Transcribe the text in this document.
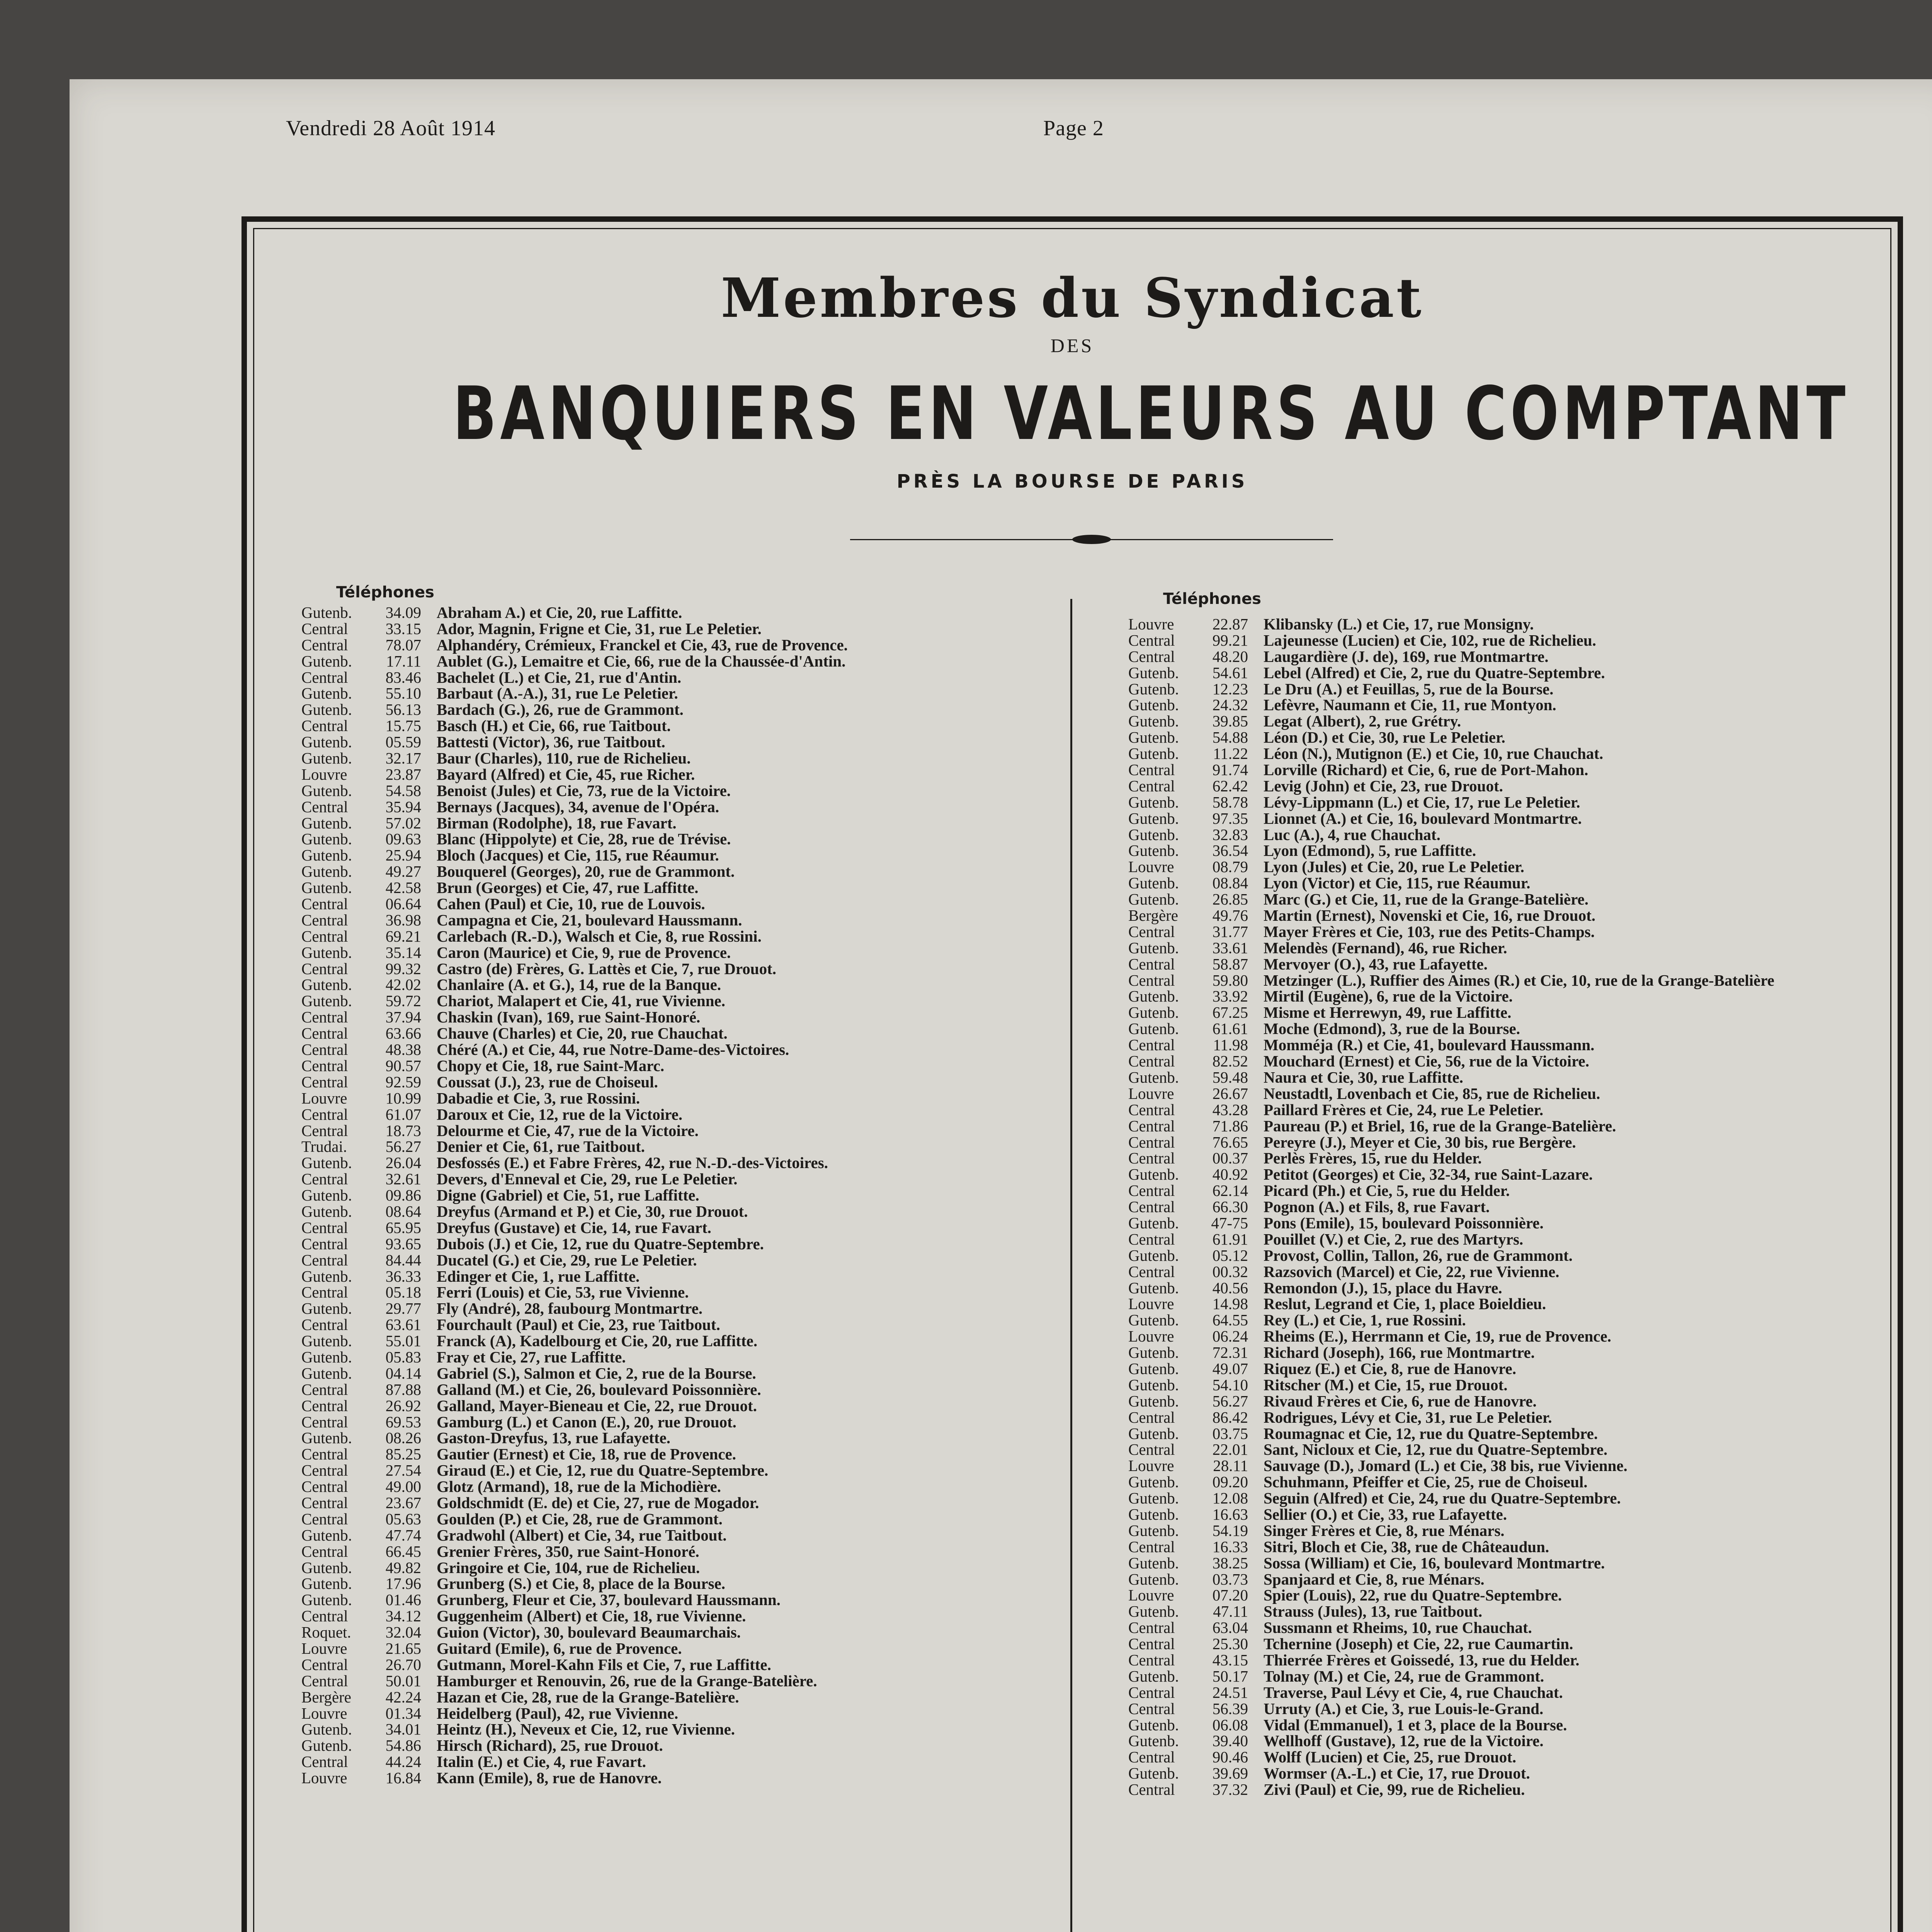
Vendredi 28 Août 1914	Page 2
Membres du Syndicat
DES
BANQUIERS EN VALEURS AU COMPTANT
PRÈS LA BOURSE DE PARIS
Téléphones	Téléphones
Gutenb.	34.09 Abraham A.) et Cie, 20, rue Laffitte.
Central	33.15 Ador, Magnin, Frigne et Cie, 31, rue Le Peletier.
Central	78.07 Alphandéry, Crémieux, Franckel et Cie, 43, rue de Provence.
Gutenb.	17.11 Aublet (G.), Lemaitre et Cie, 66, rue de la Chaussée-d'Antin.
Central	83.46 Bachelet (L.) et Cie, 21, rue d'Antin.
Gutenb.	55.10 Barbaut (A.-A.), 31, rue Le Peletier.
Gutenb.	56.13 Bardach (G.), 26, rue de Grammont.
Central	15.75 Basch (H.) et Cie, 66, rue Taitbout.
Gutenb.	05.59 Battesti (Victor), 36, rue Taitbout.
Gutenb.	32.17 Baur (Charles), 110, rue de Richelieu.
Louvre	23.87 Bayard (Alfred) et Cie, 45, rue Richer.
Gutenb.	54.58 Benoist (Jules) et Cie, 73, rue de la Victoire.
Central	35.94 Bernays (Jacques), 34, avenue de l'Opéra.
Gutenb.	57.02 Birman (Rodolphe), 18, rue Favart.
Gutenb.	09.63 Blanc (Hippolyte) et Cie, 28, rue de Trévise.
Gutenb.	25.94 Bloch (Jacques) et Cie, 115, rue Réaumur.
Gutenb.	49.27 Bouquerel (Georges), 20, rue de Grammont.
Gutenb.	42.58 Brun (Georges) et Cie, 47, rue Laffitte.
Central	06.64 Cahen (Paul) et Cie, 10, rue de Louvois.
Central	36.98 Campagna et Cie, 21, boulevard Haussmann.
Central	69.21 Carlebach (R.-D.), Walsch et Cie, 8, rue Rossini.
Gutenb.	35.14 Caron (Maurice) et Cie, 9, rue de Provence.
Central	99.32 Castro (de) Frères, G. Lattès et Cie, 7, rue Drouot.
Gutenb.	42.02 Chanlaire (A. et G.), 14, rue de la Banque.
Gutenb.	59.72 Chariot, Malapert et Cie, 41, rue Vivienne.
Central	37.94 Chaskin (Ivan), 169, rue Saint-Honoré.
Central	63.66 Chauve (Charles) et Cie, 20, rue Chauchat.
Central	48.38 Chéré (A.) et Cie, 44, rue Notre-Dame-des-Victoires.
Central	90.57 Chopy et Cie, 18, rue Saint-Marc.
Central	92.59 Coussat (J.), 23, rue de Choiseul.
Louvre	10.99 Dabadie et Cie, 3, rue Rossini.
Central	61.07 Daroux et Cie, 12, rue de la Victoire.
Central	18.73 Delourme et Cie, 47, rue de la Victoire.
Trudai.	56.27 Denier et Cie, 61, rue Taitbout.
Gutenb.	26.04 Desfossés (E.) et Fabre Frères, 42, rue N.-D.-des-Victoires.
Central	32.61 Devers, d'Enneval et Cie, 29, rue Le Peletier.
Gutenb.	09.86 Digne (Gabriel) et Cie, 51, rue Laffitte.
Gutenb.	08.64 Dreyfus (Armand et P.) et Cie, 30, rue Drouot.
Central	65.95 Dreyfus (Gustave) et Cie, 14, rue Favart.
Central	93.65 Dubois (J.) et Cie, 12, rue du Quatre-Septembre.
Central	84.44 Ducatel (G.) et Cie, 29, rue Le Peletier.
Gutenb.	36.33 Edinger et Cie, 1, rue Laffitte.
Central	05.18 Ferri (Louis) et Cie, 53, rue Vivienne.
Gutenb.	29.77 Fly (André), 28, faubourg Montmartre.
Central	63.61 Fourchault (Paul) et Cie, 23, rue Taitbout.
Gutenb.	55.01 Franck (A), Kadelbourg et Cie, 20, rue Laffitte.
Gutenb.	05.83 Fray et Cie, 27, rue Laffitte.
Gutenb.	04.14 Gabriel (S.), Salmon et Cie, 2, rue de la Bourse.
Central	87.88 Galland (M.) et Cie, 26, boulevard Poissonnière.
Central	26.92 Galland, Mayer-Bieneau et Cie, 22, rue Drouot.
Central	69.53 Gamburg (L.) et Canon (E.), 20, rue Drouot.
Gutenb.	08.26 Gaston-Dreyfus, 13, rue Lafayette.
Central	85.25 Gautier (Ernest) et Cie, 18, rue de Provence.
Central	27.54 Giraud (E.) et Cie, 12, rue du Quatre-Septembre.
Central	49.00 Glotz (Armand), 18, rue de la Michodière.
Central	23.67 Goldschmidt (E. de) et Cie, 27, rue de Mogador.
Central	05.63 Goulden (P.) et Cie, 28, rue de Grammont.
Gutenb.	47.74 Gradwohl (Albert) et Cie, 34, rue Taitbout.
Central	66.45 Grenier Frères, 350, rue Saint-Honoré.
Gutenb.	49.82 Gringoire et Cie, 104, rue de Richelieu.
Gutenb.	17.96 Grunberg (S.) et Cie, 8, place de la Bourse.
Gutenb.	01.46 Grunberg, Fleur et Cie, 37, boulevard Haussmann.
Central	34.12 Guggenheim (Albert) et Cie, 18, rue Vivienne.
Roquet.	32.04 Guion (Victor), 30, boulevard Beaumarchais.
Louvre	21.65 Guitard (Emile), 6, rue de Provence.
Central	26.70 Gutmann, Morel-Kahn Fils et Cie, 7, rue Laffitte.
Central	50.01 Hamburger et Renouvin, 26, rue de la Grange-Batelière.
Bergère	42.24 Hazan et Cie, 28, rue de la Grange-Batelière.
Louvre	01.34 Heidelberg (Paul), 42, rue Vivienne.
Gutenb.	34.01 Heintz (H.), Neveux et Cie, 12, rue Vivienne.
Gutenb.	54.86 Hirsch (Richard), 25, rue Drouot.
Central	44.24 Italin (E.) et Cie, 4, rue Favart.
Louvre	16.84 Kann (Emile), 8, rue de Hanovre.
Louvre	22.87 Klibansky (L.) et Cie, 17, rue Monsigny.
Central	99.21 Lajeunesse (Lucien) et Cie, 102, rue de Richelieu.
Central	48.20 Laugardière (J. de), 169, rue Montmartre.
Gutenb.	54.61 Lebel (Alfred) et Cie, 2, rue du Quatre-Septembre.
Gutenb.	12.23 Le Dru (A.) et Feuillas, 5, rue de la Bourse.
Gutenb.	24.32 Lefèvre, Naumann et Cie, 11, rue Montyon.
Gutenb.	39.85 Legat (Albert), 2, rue Grétry.
Gutenb.	54.88 Léon (D.) et Cie, 30, rue Le Peletier.
Gutenb.	11.22 Léon (N.), Mutignon (E.) et Cie, 10, rue Chauchat.
Central	91.74 Lorville (Richard) et Cie, 6, rue de Port-Mahon.
Central	62.42 Levig (John) et Cie, 23, rue Drouot.
Gutenb.	58.78 Lévy-Lippmann (L.) et Cie, 17, rue Le Peletier.
Gutenb.	97.35 Lionnet (A.) et Cie, 16, boulevard Montmartre.
Gutenb.	32.83 Luc (A.), 4, rue Chauchat.
Gutenb.	36.54 Lyon (Edmond), 5, rue Laffitte.
Louvre	08.79 Lyon (Jules) et Cie, 20, rue Le Peletier.
Gutenb.	08.84 Lyon (Victor) et Cie, 115, rue Réaumur.
Gutenb.	26.85 Marc (G.) et Cie, 11, rue de la Grange-Batelière.
Bergère	49.76 Martin (Ernest), Novenski et Cie, 16, rue Drouot.
Central	31.77 Mayer Frères et Cie, 103, rue des Petits-Champs.
Gutenb.	33.61 Melendès (Fernand), 46, rue Richer.
Central	58.87 Mervoyer (O.), 43, rue Lafayette.
Central	59.80 Metzinger (L.), Ruffier des Aimes (R.) et Cie, 10, rue de la Grange-Batelière
Gutenb.	33.92 Mirtil (Eugène), 6, rue de la Victoire.
Gutenb.	67.25 Misme et Herrewyn, 49, rue Laffitte.
Gutenb.	61.61 Moche (Edmond), 3, rue de la Bourse.
Central	11.98 Momméja (R.) et Cie, 41, boulevard Haussmann.
Central	82.52 Mouchard (Ernest) et Cie, 56, rue de la Victoire.
Gutenb.	59.48 Naura et Cie, 30, rue Laffitte.
Louvre	26.67 Neustadtl, Lovenbach et Cie, 85, rue de Richelieu.
Central	43.28 Paillard Frères et Cie, 24, rue Le Peletier.
Central	71.86 Paureau (P.) et Briel, 16, rue de la Grange-Batelière.
Central	76.65 Pereyre (J.), Meyer et Cie, 30 bis, rue Bergère.
Central	00.37 Perlès Frères, 15, rue du Helder.
Gutenb.	40.92 Petitot (Georges) et Cie, 32-34, rue Saint-Lazare.
Central	62.14 Picard (Ph.) et Cie, 5, rue du Helder.
Central	66.30 Pognon (A.) et Fils, 8, rue Favart.
Gutenb.	47-75 Pons (Emile), 15, boulevard Poissonnière.
Central	61.91 Pouillet (V.) et Cie, 2, rue des Martyrs.
Gutenb.	05.12 Provost, Collin, Tallon, 26, rue de Grammont.
Central	00.32 Razsovich (Marcel) et Cie, 22, rue Vivienne.
Gutenb.	40.56 Remondon (J.), 15, place du Havre.
Louvre	14.98 Reslut, Legrand et Cie, 1, place Boieldieu.
Gutenb.	64.55 Rey (L.) et Cie, 1, rue Rossini.
Louvre	06.24 Rheims (E.), Herrmann et Cie, 19, rue de Provence.
Gutenb.	72.31 Richard (Joseph), 166, rue Montmartre.
Gutenb.	49.07 Riquez (E.) et Cie, 8, rue de Hanovre.
Gutenb.	54.10 Ritscher (M.) et Cie, 15, rue Drouot.
Gutenb.	56.27 Rivaud Frères et Cie, 6, rue de Hanovre.
Central	86.42 Rodrigues, Lévy et Cie, 31, rue Le Peletier.
Gutenb.	03.75 Roumagnac et Cie, 12, rue du Quatre-Septembre.
Central	22.01 Sant, Nicloux et Cie, 12, rue du Quatre-Septembre.
Louvre	28.11 Sauvage (D.), Jomard (L.) et Cie, 38 bis, rue Vivienne.
Gutenb.	09.20 Schuhmann, Pfeiffer et Cie, 25, rue de Choiseul.
Gutenb.	12.08 Seguin (Alfred) et Cie, 24, rue du Quatre-Septembre.
Gutenb.	16.63 Sellier (O.) et Cie, 33, rue Lafayette.
Gutenb.	54.19 Singer Frères et Cie, 8, rue Ménars.
Central	16.33 Sitri, Bloch et Cie, 38, rue de Châteaudun.
Gutenb.	38.25 Sossa (William) et Cie, 16, boulevard Montmartre.
Gutenb.	03.73 Spanjaard et Cie, 8, rue Ménars.
Louvre	07.20 Spier (Louis), 22, rue du Quatre-Septembre.
Gutenb.	47.11 Strauss (Jules), 13, rue Taitbout.
Central	63.04 Sussmann et Rheims, 10, rue Chauchat.
Central	25.30 Tchernine (Joseph) et Cie, 22, rue Caumartin.
Central	43.15 Thierrée Frères et Goissedé, 13, rue du Helder.
Gutenb.	50.17 Tolnay (M.) et Cie, 24, rue de Grammont.
Central	24.51 Traverse, Paul Lévy et Cie, 4, rue Chauchat.
Central	56.39 Urruty (A.) et Cie, 3, rue Louis-le-Grand.
Gutenb.	06.08 Vidal (Emmanuel), 1 et 3, place de la Bourse.
Gutenb.	39.40 Wellhoff (Gustave), 12, rue de la Victoire.
Central	90.46 Wolff (Lucien) et Cie, 25, rue Drouot.
Gutenb.	39.69 Wormser (A.-L.) et Cie, 17, rue Drouot.
Central	37.32 Zivi (Paul) et Cie, 99, rue de Richelieu.
